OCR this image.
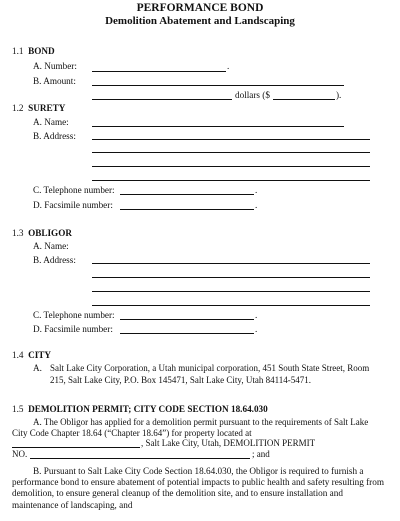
PERFORMANCE BOND
Demolition Abatement and Landscaping
1.1 BOND
A. Number:	.
B. Amount:
dollars ($	).
1.2 SURETY
A. Name:
B. Address:
C. Telephone number:	.
D. Facsimile number:	.
1.3 OBLIGOR
A. Name:
B. Address:
C. Telephone number:	.
D. Facsimile number:	.
1.4 CITY
A. Salt Lake City Corporation, a Utah municipal corporation, 451 South State Street, Room
215, Salt Lake City, P.O. Box 145471, Salt Lake City, Utah 84114-5471.
1.5 DEMOLITION PERMIT; CITY CODE SECTION 18.64.030
A. The Obligor has applied for a demolition permit pursuant to the requirements of Salt Lake
City Code Chapter 18.64 (“Chapter 18.64”) for property located at
, Salt Lake City, Utah, DEMOLITION PERMIT
NO.	; and
B. Pursuant to Salt Lake City Code Section 18.64.030, the Obligor is required to furnish a performance bond to ensure abatement of potential impacts to public health and safety resulting from demolition, to ensure general cleanup of the demolition site, and to ensure installation and maintenance of landscaping, and
